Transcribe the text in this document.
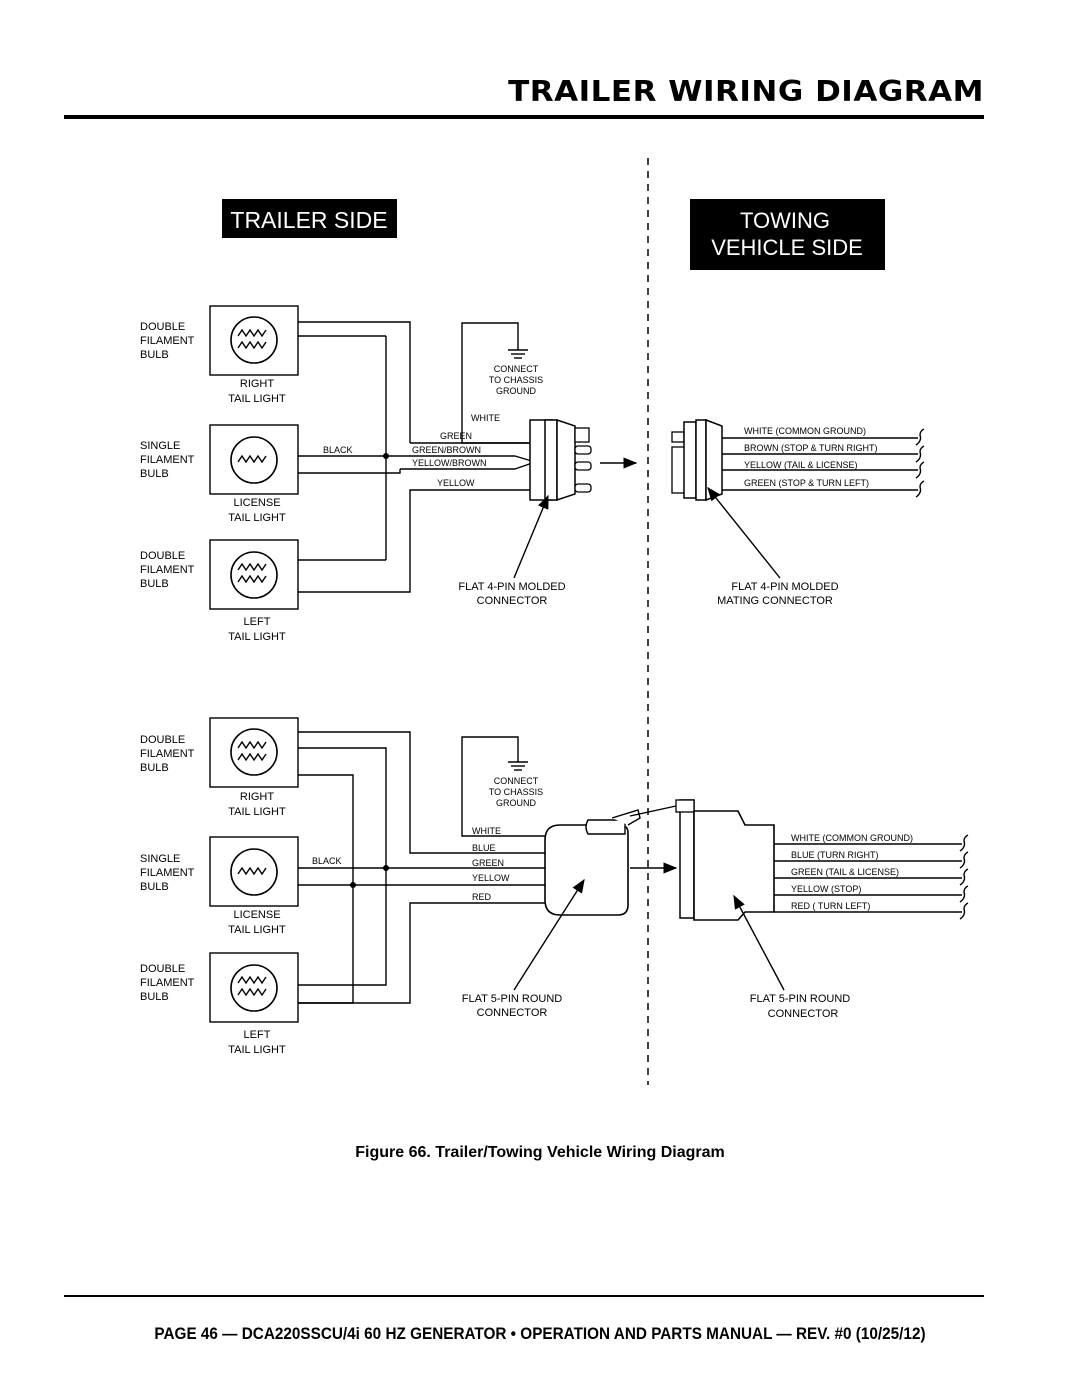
TRAILER WIRING DIAGRAM
TRAILER SIDE	TOWING
VEHICLE SIDE
DOUBLE
FILAMENT
BULB
SINGLE
FILAMENT
BULB
DOUBLE
FILAMENT
BULB
RIGHT
TAIL LIGHT
LICENSE
TAIL LIGHT
LEFT
TAIL LIGHT
BLACK
WHITE
GREEN
GREEN/BROWN
YELLOW/BROWN
YELLOW
CONNECT
TO CHASSIS
GROUND
FLAT 4-PIN MOLDED
CONNECTOR
FLAT 4-PIN MOLDED
MATING CONNECTOR
WHITE (COMMON GROUND)
BROWN (STOP & TURN RIGHT)
YELLOW (TAIL & LICENSE)
GREEN (STOP & TURN LEFT)
DOUBLE
FILAMENT
BULB
SINGLE
FILAMENT
BULB
DOUBLE
FILAMENT
BULB
RIGHT
TAIL LIGHT
LICENSE
TAIL LIGHT
LEFT
TAIL LIGHT
BLACK
WHITE
BLUE
GREEN
YELLOW
RED
CONNECT
TO CHASSIS
GROUND
FLAT 5-PIN ROUND
CONNECTOR
FLAT 5-PIN ROUND
CONNECTOR
WHITE (COMMON GROUND)
BLUE (TURN RIGHT)
GREEN (TAIL & LICENSE)
YELLOW (STOP)
RED ( TURN LEFT)
Figure 66. Trailer/Towing Vehicle Wiring Diagram
PAGE 46 — DCA220SSCU/4i 60 HZ GENERATOR • OPERATION AND PARTS MANUAL — REV. #0 (10/25/12)
